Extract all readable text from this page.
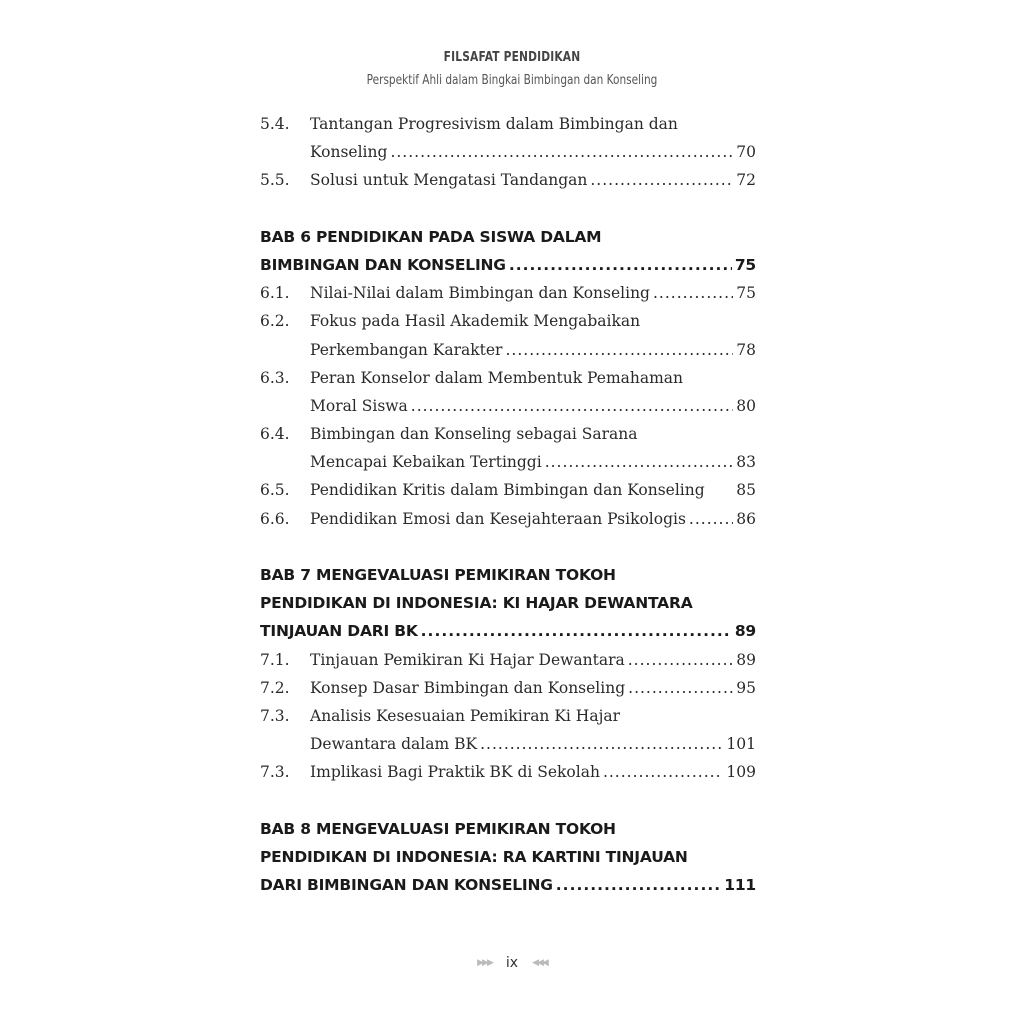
FILSAFAT PENDIDIKAN
Perspektif Ahli dalam Bingkai Bimbingan dan Konseling
5.4.	Tantangan Progresivism dalam Bimbingan dan
Konseling .....	70
5.5.	Solusi untuk Mengatasi Tandangan .....	72
BAB 6 PENDIDIKAN PADA SISWA DALAM
BIMBINGAN DAN KONSELING .....	75
6.1.	Nilai-Nilai dalam Bimbingan dan Konseling .....	75
6.2.	Fokus pada Hasil Akademik Mengabaikan
Perkembangan Karakter .....	78
6.3.	Peran Konselor dalam Membentuk Pemahaman
Moral Siswa .....	80
6.4.	Bimbingan dan Konseling sebagai Sarana
Mencapai Kebaikan Tertinggi .....	83
6.5.	Pendidikan Kritis dalam Bimbingan dan Konseling 85
6.6.	Pendidikan Emosi dan Kesejahteraan Psikologis .....	86
BAB 7 MENGEVALUASI PEMIKIRAN TOKOH
PENDIDIKAN DI INDONESIA: KI HAJAR DEWANTARA
TINJAUAN DARI BK .....	89
7.1.	Tinjauan Pemikiran Ki Hajar Dewantara .....	89
7.2.	Konsep Dasar Bimbingan dan Konseling .....	95
7.3.	Analisis Kesesuaian Pemikiran Ki Hajar
Dewantara dalam BK .....	101
7.3.	Implikasi Bagi Praktik BK di Sekolah .....	109
BAB 8 MENGEVALUASI PEMIKIRAN TOKOH
PENDIDIKAN DI INDONESIA: RA KARTINI TINJAUAN
DARI BIMBINGAN DAN KONSELING .....	111
▶▶▶ ix ◀◀◀
